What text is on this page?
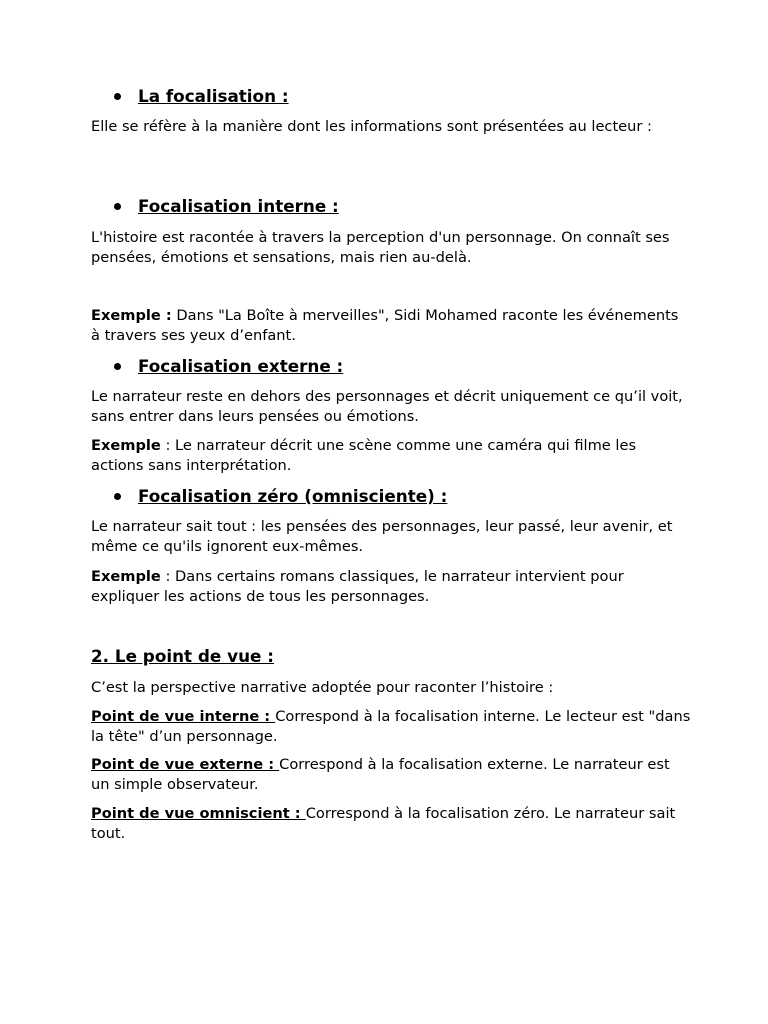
La focalisation :

Elle se réfère à la manière dont les informations sont présentées au lecteur :

Focalisation interne :

L'histoire est racontée à travers la perception d'un personnage. On connaît ses pensées, émotions et sensations, mais rien au-delà.

Exemple : Dans "La Boîte à merveilles", Sidi Mohamed raconte les événements à travers ses yeux d’enfant.

Focalisation externe :

Le narrateur reste en dehors des personnages et décrit uniquement ce qu’il voit, sans entrer dans leurs pensées ou émotions.

Exemple : Le narrateur décrit une scène comme une caméra qui filme les actions sans interprétation.

Focalisation zéro (omnisciente) :

Le narrateur sait tout : les pensées des personnages, leur passé, leur avenir, et même ce qu'ils ignorent eux-mêmes.

Exemple : Dans certains romans classiques, le narrateur intervient pour expliquer les actions de tous les personnages.

2. Le point de vue :

C’est la perspective narrative adoptée pour raconter l’histoire :

Point de vue interne : Correspond à la focalisation interne. Le lecteur est "dans la tête" d’un personnage.

Point de vue externe : Correspond à la focalisation externe. Le narrateur est un simple observateur.

Point de vue omniscient : Correspond à la focalisation zéro. Le narrateur sait tout.
